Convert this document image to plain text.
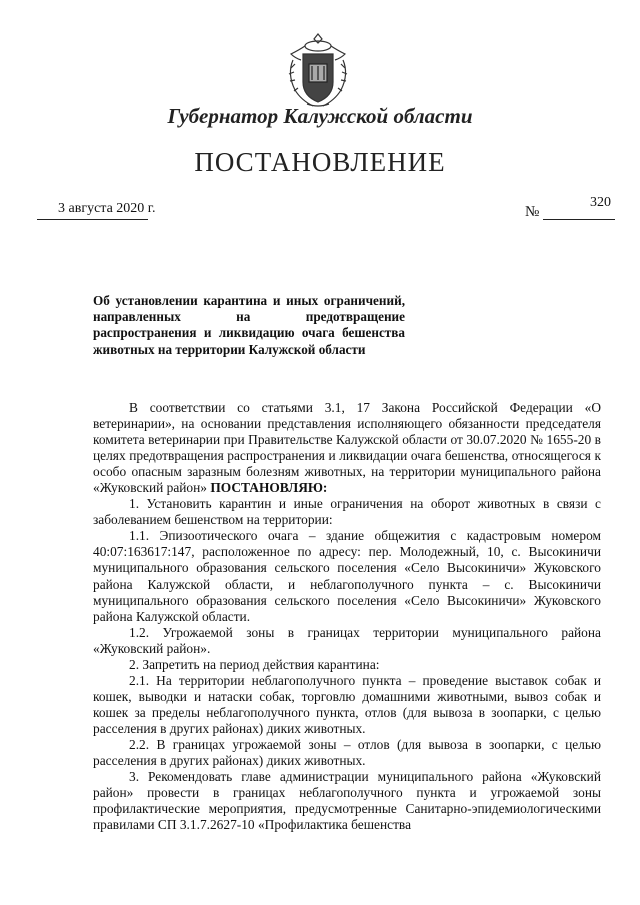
Губернатор Калужской области
ПОСТАНОВЛЕНИЕ
3 августа 2020 г.	№
320
Об установлении карантина и иных ограничений, направленных на предотвращение распространения и ликвидацию очага бешенства животных на территории Калужской области

В соответствии со статьями 3.1, 17 Закона Российской Федерации «О ветеринарии», на основании представления исполняющего обязанности председателя комитета ветеринарии при Правительстве Калужской области от 30.07.2020 № 1655-20 в целях предотвращения распространения и ликвидации очага бешенства, относящегося к особо опасным заразным болезням животных, на территории муниципального района «Жуковский район» ПОСТАНОВЛЯЮ:

1. Установить карантин и иные ограничения на оборот животных в связи с заболеванием бешенством на территории:

1.1. Эпизоотического очага – здание общежития с кадастровым номером 40:07:163617:147, расположенное по адресу: пер. Молодежный, 10, с. Высокиничи муниципального образования сельского поселения «Село Высокиничи» Жуковского района Калужской области, и неблагополучного пункта – с. Высокиничи муниципального образования сельского поселения «Село Высокиничи» Жуковского района Калужской области.

1.2. Угрожаемой зоны в границах территории муниципального района «Жуковский район».

2. Запретить на период действия карантина:

2.1. На территории неблагополучного пункта – проведение выставок собак и кошек, выводки и натаски собак, торговлю домашними животными, вывоз собак и кошек за пределы неблагополучного пункта, отлов (для вывоза в зоопарки, с целью расселения в других районах) диких животных.

2.2. В границах угрожаемой зоны – отлов (для вывоза в зоопарки, с целью расселения в других районах) диких животных.

3. Рекомендовать главе администрации муниципального района «Жуковский район» провести в границах неблагополучного пункта и угрожаемой зоны профилактические мероприятия, предусмотренные Санитарно-эпидемиологическими правилами СП 3.1.7.2627-10 «Профилактика бешенства
